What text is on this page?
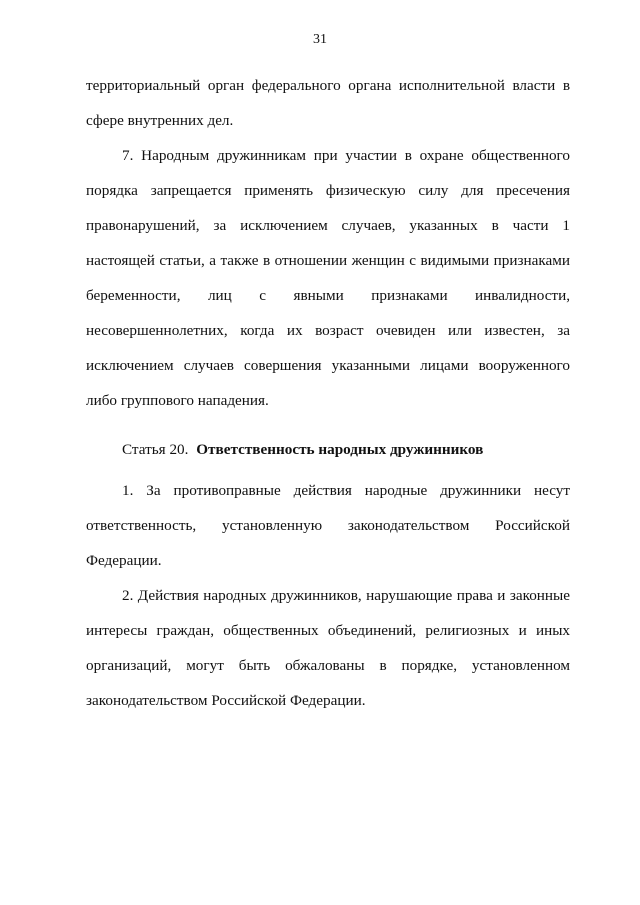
31

территориальный орган федерального органа исполнительной власти в сфере внутренних дел.

7. Народным дружинникам при участии в охране общественного порядка запрещается применять физическую силу для пресечения правонарушений, за исключением случаев, указанных в части 1 настоящей статьи, а также в отношении женщин с видимыми признаками беременности, лиц с явными признаками инвалидности, несовершеннолетних, когда их возраст очевиден или известен, за исключением случаев совершения указанными лицами вооруженного либо группового нападения.

Статья 20. Ответственность народных дружинников

1. За противоправные действия народные дружинники несут ответственность, установленную законодательством Российской Федерации.

2. Действия народных дружинников, нарушающие права и законные интересы граждан, общественных объединений, религиозных и иных организаций, могут быть обжалованы в порядке, установленном законодательством Российской Федерации.
